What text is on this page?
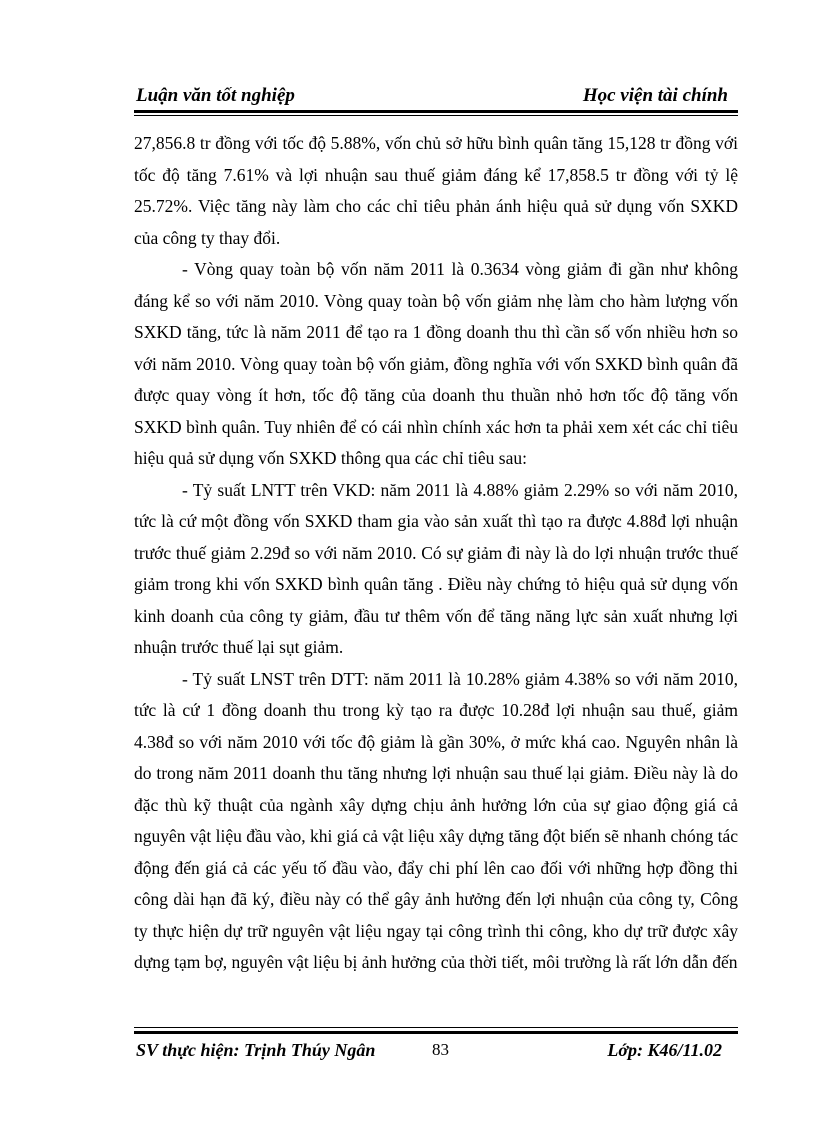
Luận văn tốt nghiệp	Học viện tài chính

27,856.8 tr đồng với tốc độ 5.88%, vốn chủ sở hữu bình quân tăng 15,128 tr đồng với tốc độ tăng 7.61% và lợi nhuận sau thuế giảm đáng kể 17,858.5 tr đồng với tỷ lệ 25.72%. Việc tăng này làm cho các chỉ tiêu phản ánh hiệu quả sử dụng vốn SXKD của công ty thay đổi.

- Vòng quay toàn bộ vốn năm 2011 là 0.3634 vòng giảm đi gần như không đáng kể so với năm 2010. Vòng quay toàn bộ vốn giảm nhẹ làm cho hàm lượng vốn SXKD tăng, tức là năm 2011 để tạo ra 1 đồng doanh thu thì cần số vốn nhiều hơn so với năm 2010. Vòng quay toàn bộ vốn giảm, đồng nghĩa với vốn SXKD bình quân đã được quay vòng ít hơn, tốc độ tăng của doanh thu thuần nhỏ hơn tốc độ tăng vốn SXKD bình quân. Tuy nhiên để có cái nhìn chính xác hơn ta phải xem xét các chỉ tiêu hiệu quả sử dụng vốn SXKD thông qua các chỉ tiêu sau:

- Tỷ suất LNTT trên VKD: năm 2011 là 4.88% giảm 2.29% so với năm 2010, tức là cứ một đồng vốn SXKD tham gia vào sản xuất thì tạo ra được 4.88đ lợi nhuận trước thuế giảm 2.29đ so với năm 2010. Có sự giảm đi này là do lợi nhuận trước thuế giảm trong khi vốn SXKD bình quân tăng . Điều này chứng tỏ hiệu quả sử dụng vốn kinh doanh của công ty giảm, đầu tư thêm vốn để tăng năng lực sản xuất nhưng lợi nhuận trước thuế lại sụt giảm.

- Tỷ suất LNST trên DTT: năm 2011 là 10.28% giảm 4.38% so với năm 2010, tức là cứ 1 đồng doanh thu trong kỳ tạo ra được 10.28đ lợi nhuận sau thuế, giảm 4.38đ so với năm 2010 với tốc độ giảm là gần 30%, ở mức khá cao. Nguyên nhân là do trong năm 2011 doanh thu tăng nhưng lợi nhuận sau thuế lại giảm. Điều này là do đặc thù kỹ thuật của ngành xây dựng chịu ảnh hưởng lớn của sự giao động giá cả nguyên vật liệu đầu vào, khi giá cả vật liệu xây dựng tăng đột biến sẽ nhanh chóng tác động đến giá cả các yếu tố đầu vào, đẩy chi phí lên cao đối với những hợp đồng thi công dài hạn đã ký, điều này có thể gây ảnh hưởng đến lợi nhuận của công ty, Công ty thực hiện dự trữ nguyên vật liệu ngay tại công trình thi công, kho dự trữ được xây dựng tạm bợ, nguyên vật liệu bị ảnh hưởng của thời tiết, môi trường là rất lớn dẫn đến

SV thực hiện: Trịnh Thúy Ngân	83	Lớp: K46/11.02
